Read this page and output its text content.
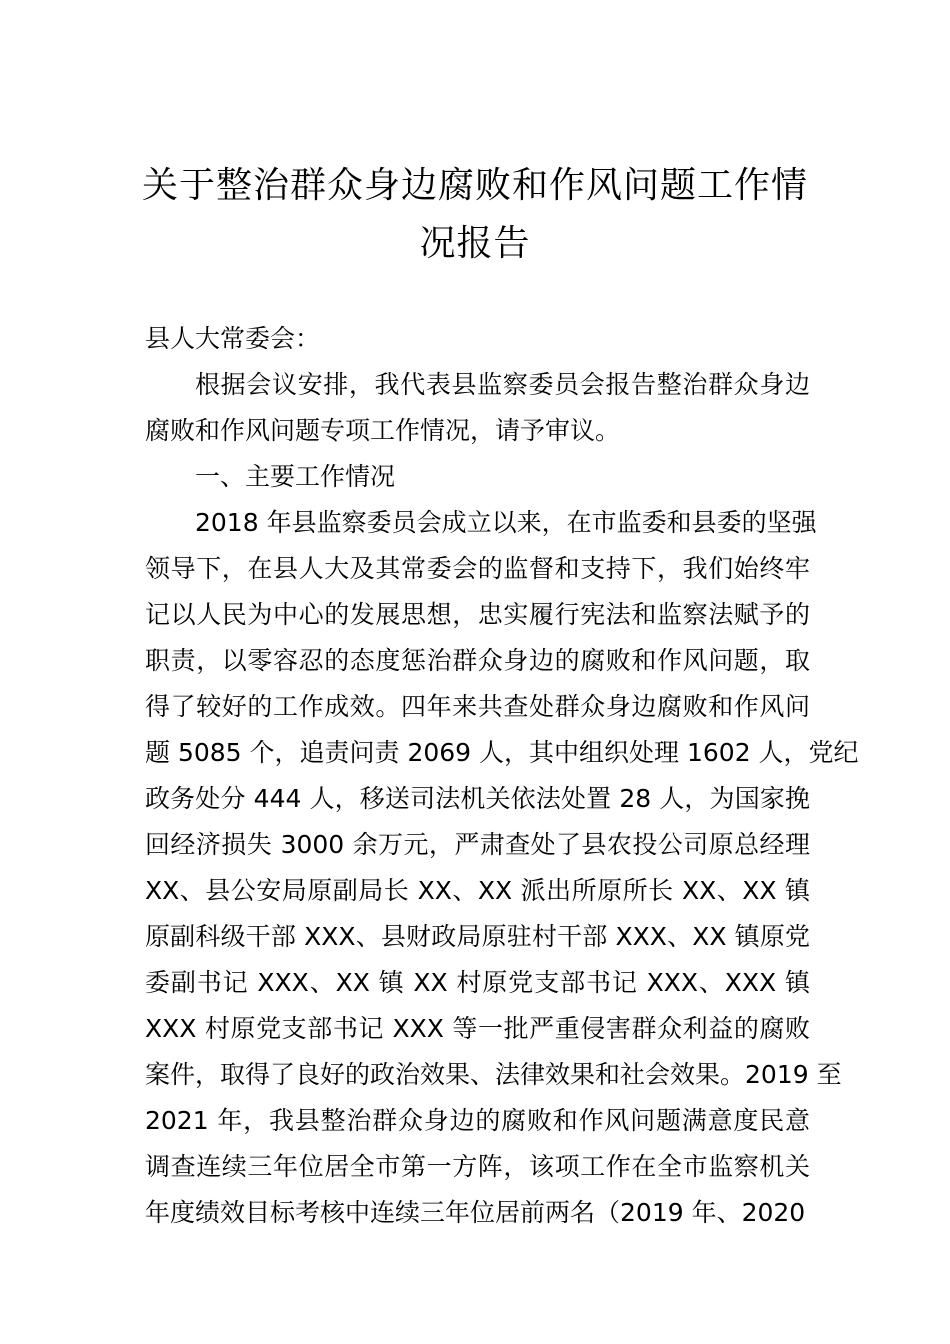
关于整治群众身边腐败和作风问题工作情
况报告
县人大常委会：
根据会议安排，我代表县监察委员会报告整治群众身边
腐败和作风问题专项工作情况，请予审议。
一、主要工作情况
2018 年县监察委员会成立以来，在市监委和县委的坚强
领导下，在县人大及其常委会的监督和支持下，我们始终牢
记以人民为中心的发展思想，忠实履行宪法和监察法赋予的
职责，以零容忍的态度惩治群众身边的腐败和作风问题，取
得了较好的工作成效。四年来共查处群众身边腐败和作风问
题 5085 个，追责问责 2069 人，其中组织处理 1602 人，党纪
政务处分 444 人，移送司法机关依法处置 28 人，为国家挽
回经济损失 3000 余万元，严肃查处了县农投公司原总经理
XX、县公安局原副局长 XX、XX 派出所原所长 XX、XX 镇
原副科级干部 XXX、县财政局原驻村干部 XXX、XX 镇原党
委副书记 XXX、XX 镇 XX 村原党支部书记 XXX、XXX 镇
XXX 村原党支部书记 XXX 等一批严重侵害群众利益的腐败
案件，取得了良好的政治效果、法律效果和社会效果。2019 至
2021 年，我县整治群众身边的腐败和作风问题满意度民意
调查连续三年位居全市第一方阵，该项工作在全市监察机关
年度绩效目标考核中连续三年位居前两名（2019 年、2020
